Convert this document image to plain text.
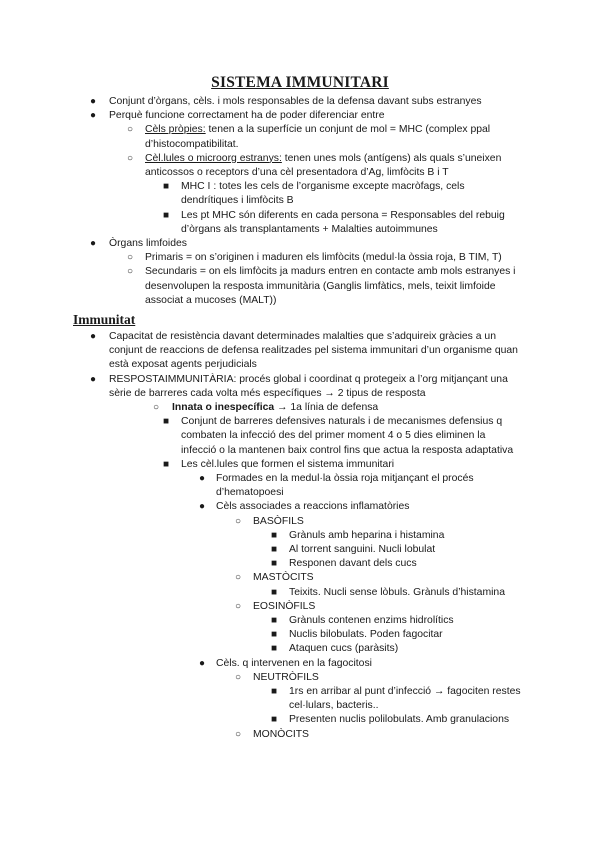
SISTEMA IMMUNITARI
● Conjunt d’òrgans, cèls. i mols responsables de la defensa davant subs estranyes
● Perquè funcione correctament ha de poder diferenciar entre
○ Cèls pròpies: tenen a la superfície un conjunt de mol = MHC (complex ppal d’histocompatibilitat.
○ Cèl.lules o microorg estranys: tenen unes mols (antígens) als quals s’uneixen anticossos o receptors d’una cèl presentadora d’Ag, limfòcits B i T
■ MHC I : totes les cels de l’organisme excepte macròfags, cels dendrítiques i limfòcits B
■ Les pt MHC són diferents en cada persona = Responsables del rebuig d’òrgans als transplantaments + Malalties autoimmunes
● Òrgans limfoides
○ Primaris = on s’originen i maduren els limfòcits (medul·la òssia roja, B TIM, T)
○ Secundaris = on els limfòcits ja madurs entren en contacte amb mols estranyes i desenvolupen la resposta immunitària (Ganglis limfàtics, mels, teixit limfoide associat a mucoses (MALT))
Immunitat
● Capacitat de resistència davant determinades malalties que s’adquireix gràcies a un conjunt de reaccions de defensa realitzades pel sistema immunitari d’un organisme quan està exposat agents perjudicials
● RESPOSTAIMMUNITÀRIA: procés global i coordinat q protegeix a l’org mitjançant una sèrie de barreres cada volta més específiques → 2 tipus de resposta
○ Innata o inespecífica → 1a línia de defensa
■ Conjunt de barreres defensives naturals i de mecanismes defensius q combaten la infecció des del primer moment 4 o 5 dies eliminen la infecció o la mantenen baix control fins que actua la resposta adaptativa
■ Les cèl.lules que formen el sistema immunitari
● Formades en la medul·la òssia roja mitjançant el procés d’hematopoesi
● Cèls associades a reaccions inflamatòries
○ BASÒFILS
■ Grànuls amb heparina i histamina
■ Al torrent sanguini. Nucli lobulat
■ Responen davant dels cucs
○ MASTÒCITS
■ Teixits. Nucli sense lòbuls. Grànuls d’histamina
○ EOSINÒFILS
■ Grànuls contenen enzims hidrolítics
■ Nuclis bilobulats. Poden fagocitar
■ Ataquen cucs (paràsits)
● Cèls. q intervenen en la fagocitosi
○ NEUTRÒFILS
■ 1rs en arribar al punt d’infecció → fagociten restes cel·lulars, bacteris..
■ Presenten nuclis polilobulats. Amb granulacions
○ MONÒCITS
